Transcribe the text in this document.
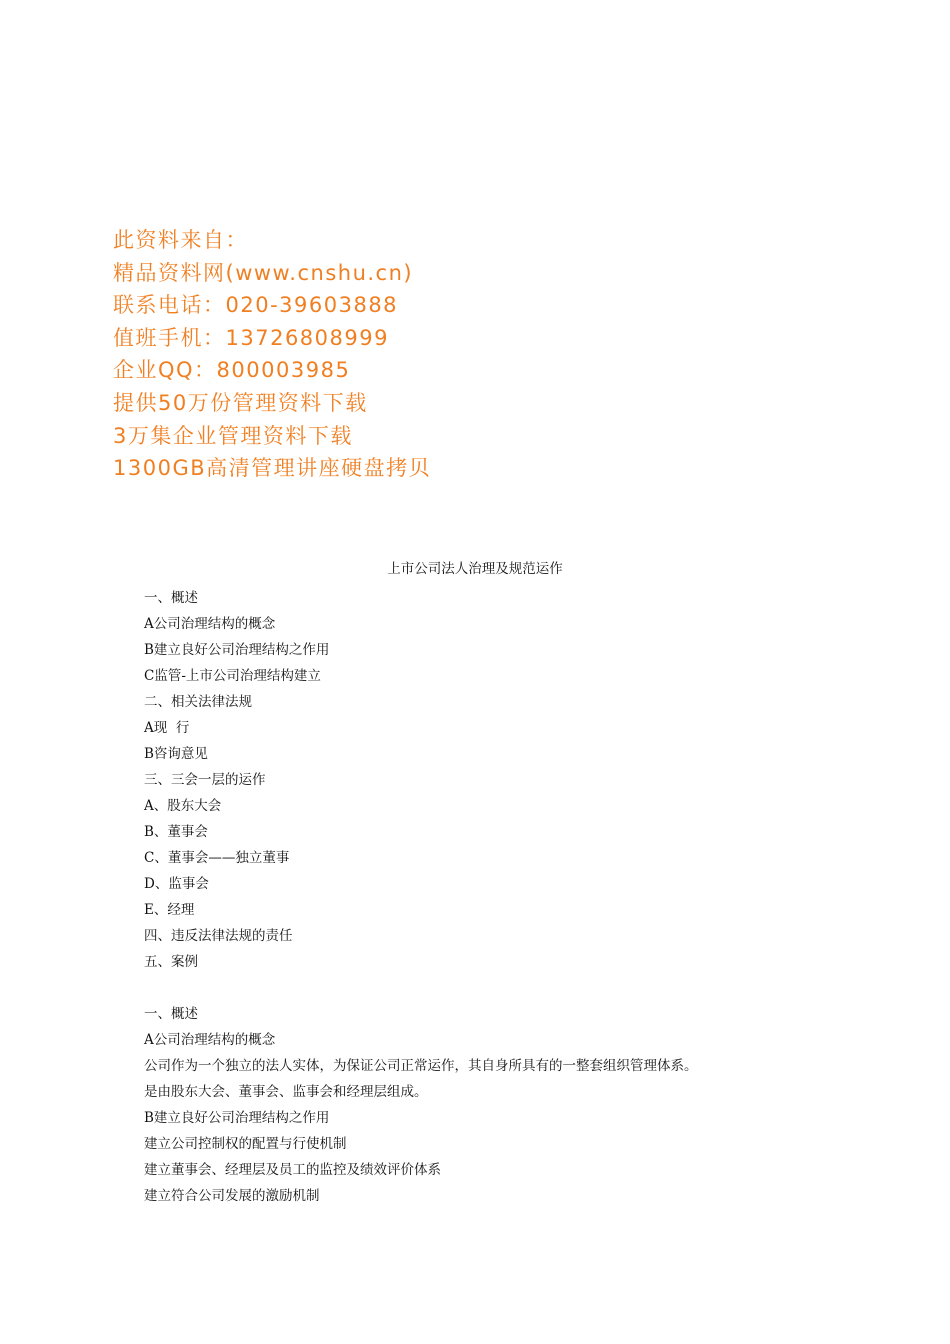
此资料来自：
精品资料网(www.cnshu.cn)
联系电话：020-39603888
值班手机：13726808999
企业QQ：800003985
提供50万份管理资料下载
3万集企业管理资料下载
1300GB高清管理讲座硬盘拷贝
上市公司法人治理及规范运作
一、概述
A公司治理结构的概念
B建立良好公司治理结构之作用
C监管-上市公司治理结构建立
二、相关法律法规
A现  行
B咨询意见
三、三会一层的运作
A、股东大会
B、董事会
C、董事会——独立董事
D、监事会
E、经理
四、违反法律法规的责任
五、案例
一、概述
A公司治理结构的概念
公司作为一个独立的法人实体，为保证公司正常运作，其自身所具有的一整套组织管理体系。
是由股东大会、董事会、监事会和经理层组成。
B建立良好公司治理结构之作用
建立公司控制权的配置与行使机制
建立董事会、经理层及员工的监控及绩效评价体系
建立符合公司发展的激励机制
